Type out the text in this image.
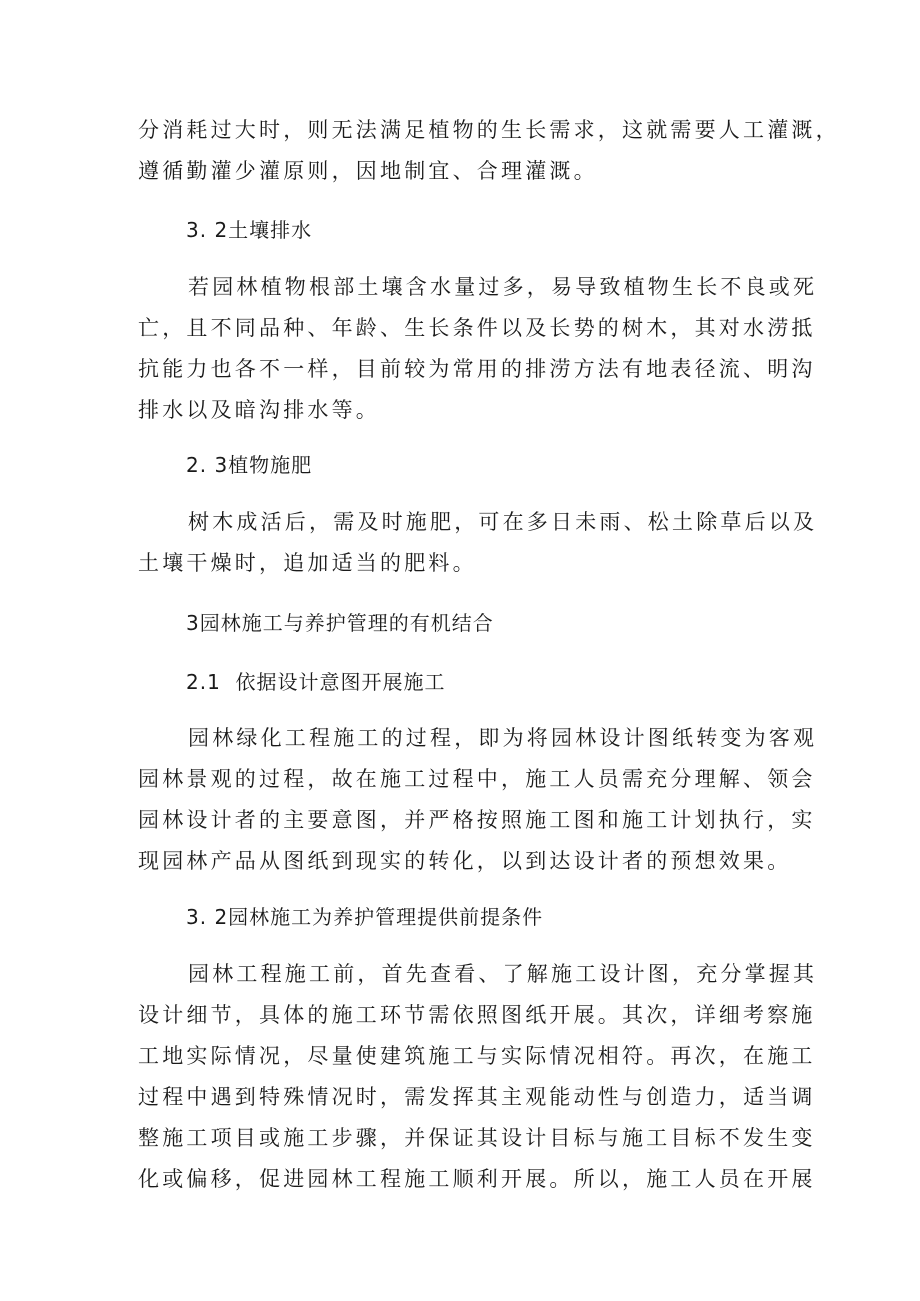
分消耗过大时，则无法满足植物的生长需求，这就需要人工灌溉，
遵循勤灌少灌原则，因地制宜、合理灌溉。

3. 2土壤排水

若园林植物根部土壤含水量过多，易导致植物生长不良或死
亡，且不同品种、年龄、生长条件以及长势的树木，其对水涝抵
抗能力也各不一样，目前较为常用的排涝方法有地表径流、明沟
排水以及暗沟排水等。

2. 3植物施肥

树木成活后，需及时施肥，可在多日未雨、松土除草后以及
土壤干燥时，追加适当的肥料。

3园林施工与养护管理的有机结合
2.1  依据设计意图开展施工

园林绿化工程施工的过程，即为将园林设计图纸转变为客观
园林景观的过程，故在施工过程中，施工人员需充分理解、领会
园林设计者的主要意图，并严格按照施工图和施工计划执行，实
现园林产品从图纸到现实的转化，以到达设计者的预想效果。

3. 2园林施工为养护管理提供前提条件

园林工程施工前，首先查看、了解施工设计图，充分掌握其
设计细节，具体的施工环节需依照图纸开展。其次，详细考察施
工地实际情况，尽量使建筑施工与实际情况相符。再次，在施工
过程中遇到特殊情况时，需发挥其主观能动性与创造力，适当调
整施工项目或施工步骤，并保证其设计目标与施工目标不发生变
化或偏移，促进园林工程施工顺利开展。所以，施工人员在开展
